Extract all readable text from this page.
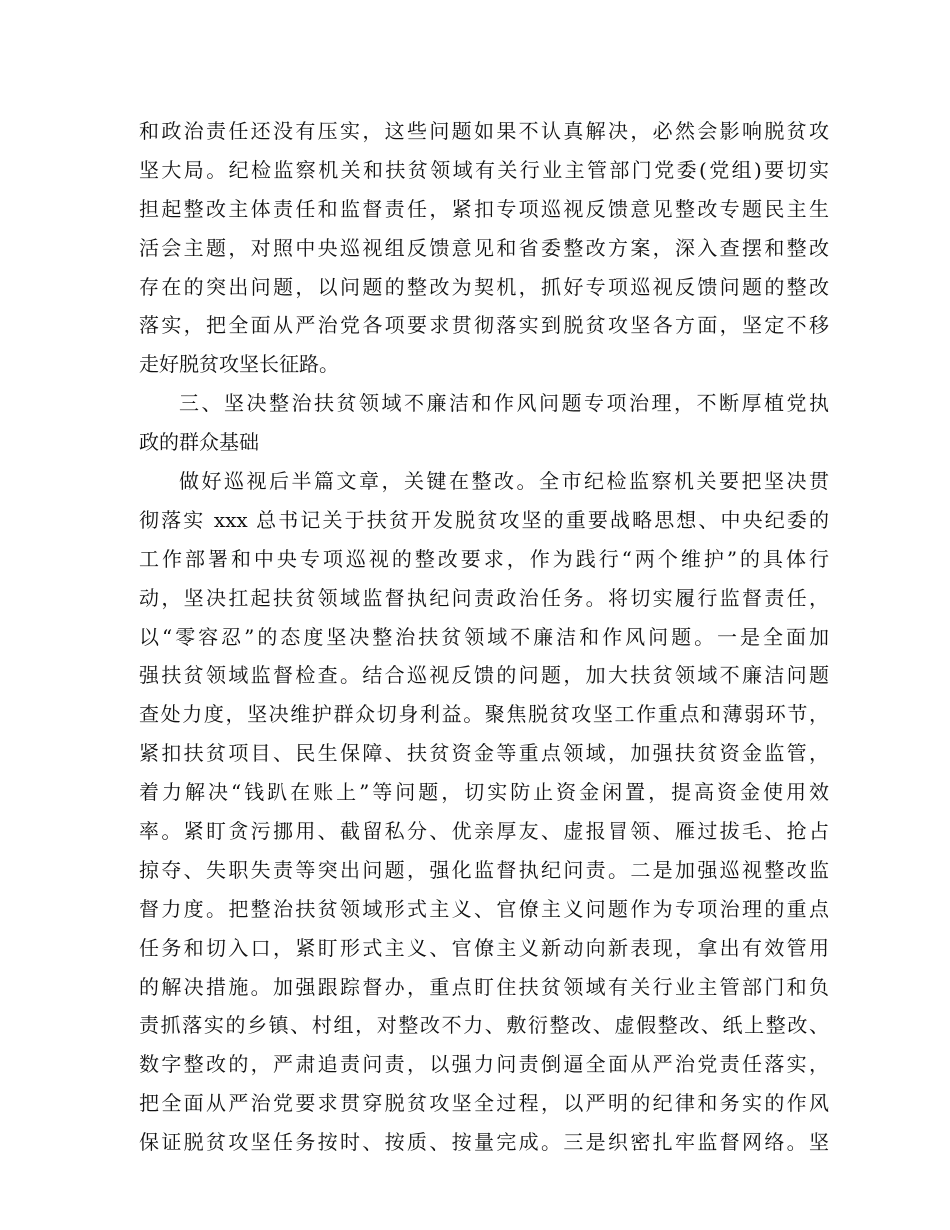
和政治责任还没有压实，这些问题如果不认真解决，必然会影响脱贫攻
坚大局。纪检监察机关和扶贫领域有关行业主管部门党委(党组)要切实
担起整改主体责任和监督责任，紧扣专项巡视反馈意见整改专题民主生
活会主题，对照中央巡视组反馈意见和省委整改方案，深入查摆和整改
存在的突出问题，以问题的整改为契机，抓好专项巡视反馈问题的整改
落实，把全面从严治党各项要求贯彻落实到脱贫攻坚各方面，坚定不移
走好脱贫攻坚长征路。
三、坚决整治扶贫领域不廉洁和作风问题专项治理，不断厚植党执
政的群众基础
做好巡视后半篇文章，关键在整改。全市纪检监察机关要把坚决贯
彻落实 xxx 总书记关于扶贫开发脱贫攻坚的重要战略思想、中央纪委的
工作部署和中央专项巡视的整改要求，作为践行“两个维护”的具体行
动，坚决扛起扶贫领域监督执纪问责政治任务。将切实履行监督责任，
以“零容忍”的态度坚决整治扶贫领域不廉洁和作风问题。一是全面加
强扶贫领域监督检查。结合巡视反馈的问题，加大扶贫领域不廉洁问题
查处力度，坚决维护群众切身利益。聚焦脱贫攻坚工作重点和薄弱环节，
紧扣扶贫项目、民生保障、扶贫资金等重点领域，加强扶贫资金监管，
着力解决“钱趴在账上”等问题，切实防止资金闲置，提高资金使用效
率。紧盯贪污挪用、截留私分、优亲厚友、虚报冒领、雁过拔毛、抢占
掠夺、失职失责等突出问题，强化监督执纪问责。二是加强巡视整改监
督力度。把整治扶贫领域形式主义、官僚主义问题作为专项治理的重点
任务和切入口，紧盯形式主义、官僚主义新动向新表现，拿出有效管用
的解决措施。加强跟踪督办，重点盯住扶贫领域有关行业主管部门和负
责抓落实的乡镇、村组，对整改不力、敷衍整改、虚假整改、纸上整改、
数字整改的，严肃追责问责，以强力问责倒逼全面从严治党责任落实，
把全面从严治党要求贯穿脱贫攻坚全过程，以严明的纪律和务实的作风
保证脱贫攻坚任务按时、按质、按量完成。三是织密扎牢监督网络。坚
